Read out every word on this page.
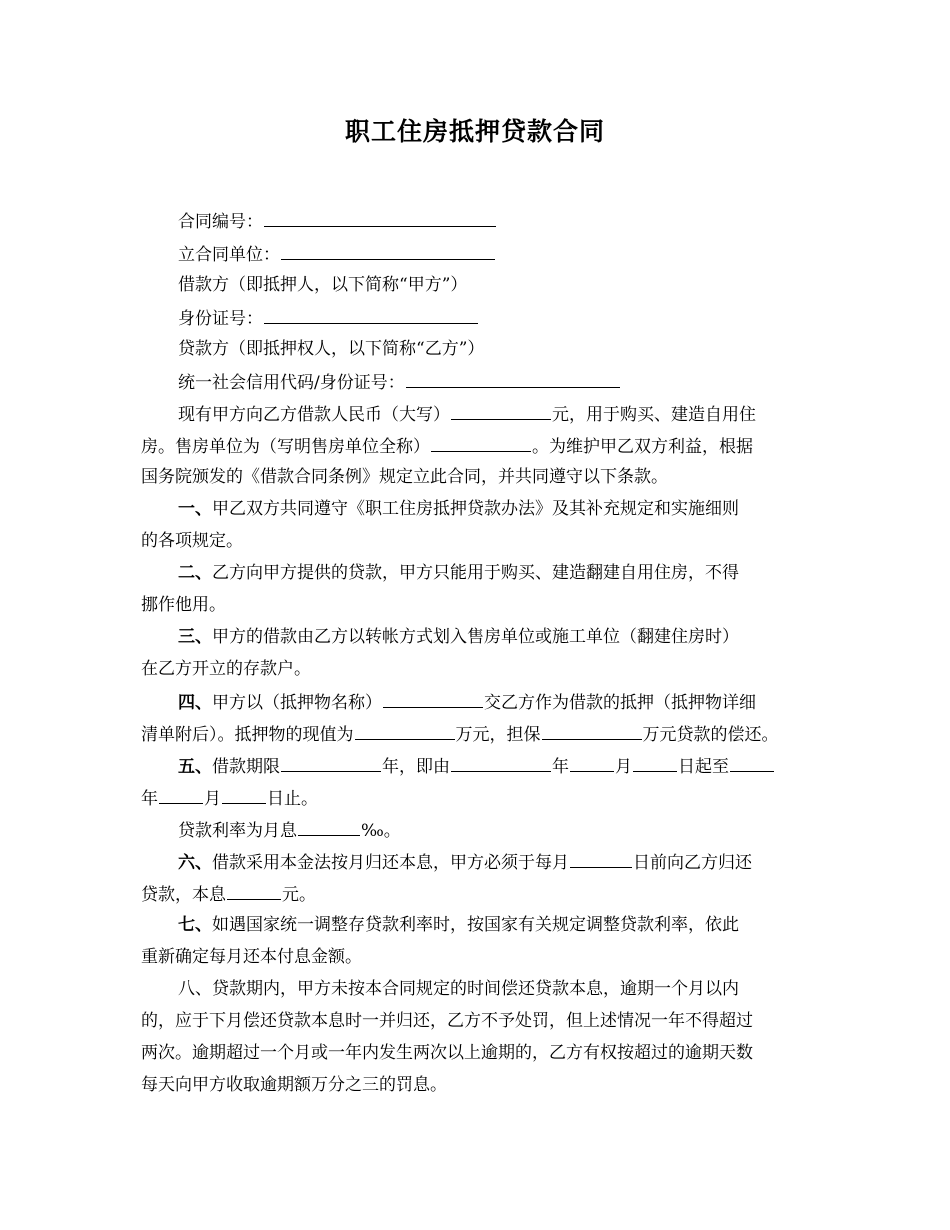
职工住房抵押贷款合同
合同编号：
立合同单位：
借款方（即抵押人，以下简称“甲方”）
身份证号：
贷款方（即抵押权人，以下简称“乙方”）
统一社会信用代码/身份证号：
现有甲方向乙方借款人民币（大写）	元，用于购买、建造自用住
房。售房单位为（写明售房单位全称）	。为维护甲乙双方利益，根据
国务院颁发的《借款合同条例》规定立此合同，并共同遵守以下条款。
一、甲乙双方共同遵守《职工住房抵押贷款办法》及其补充规定和实施细则
的各项规定。
二、乙方向甲方提供的贷款，甲方只能用于购买、建造翻建自用住房，不得
挪作他用。
三、甲方的借款由乙方以转帐方式划入售房单位或施工单位（翻建住房时）
在乙方开立的存款户。
四、甲方以（抵押物名称）	交乙方作为借款的抵押（抵押物详细
清单附后）。抵押物的现值为	万元，担保	万元贷款的偿还。
五、借款期限	年，即由	年	月	日起至
年	月	日止。
贷款利率为月息	‰。
六、借款采用本金法按月归还本息，甲方必须于每月	日前向乙方归还
贷款，本息	元。
七、如遇国家统一调整存贷款利率时，按国家有关规定调整贷款利率，依此
重新确定每月还本付息金额。
八、贷款期内，甲方未按本合同规定的时间偿还贷款本息，逾期一个月以内
的，应于下月偿还贷款本息时一并归还，乙方不予处罚，但上述情况一年不得超过
两次。逾期超过一个月或一年内发生两次以上逾期的，乙方有权按超过的逾期天数
每天向甲方收取逾期额万分之三的罚息。
